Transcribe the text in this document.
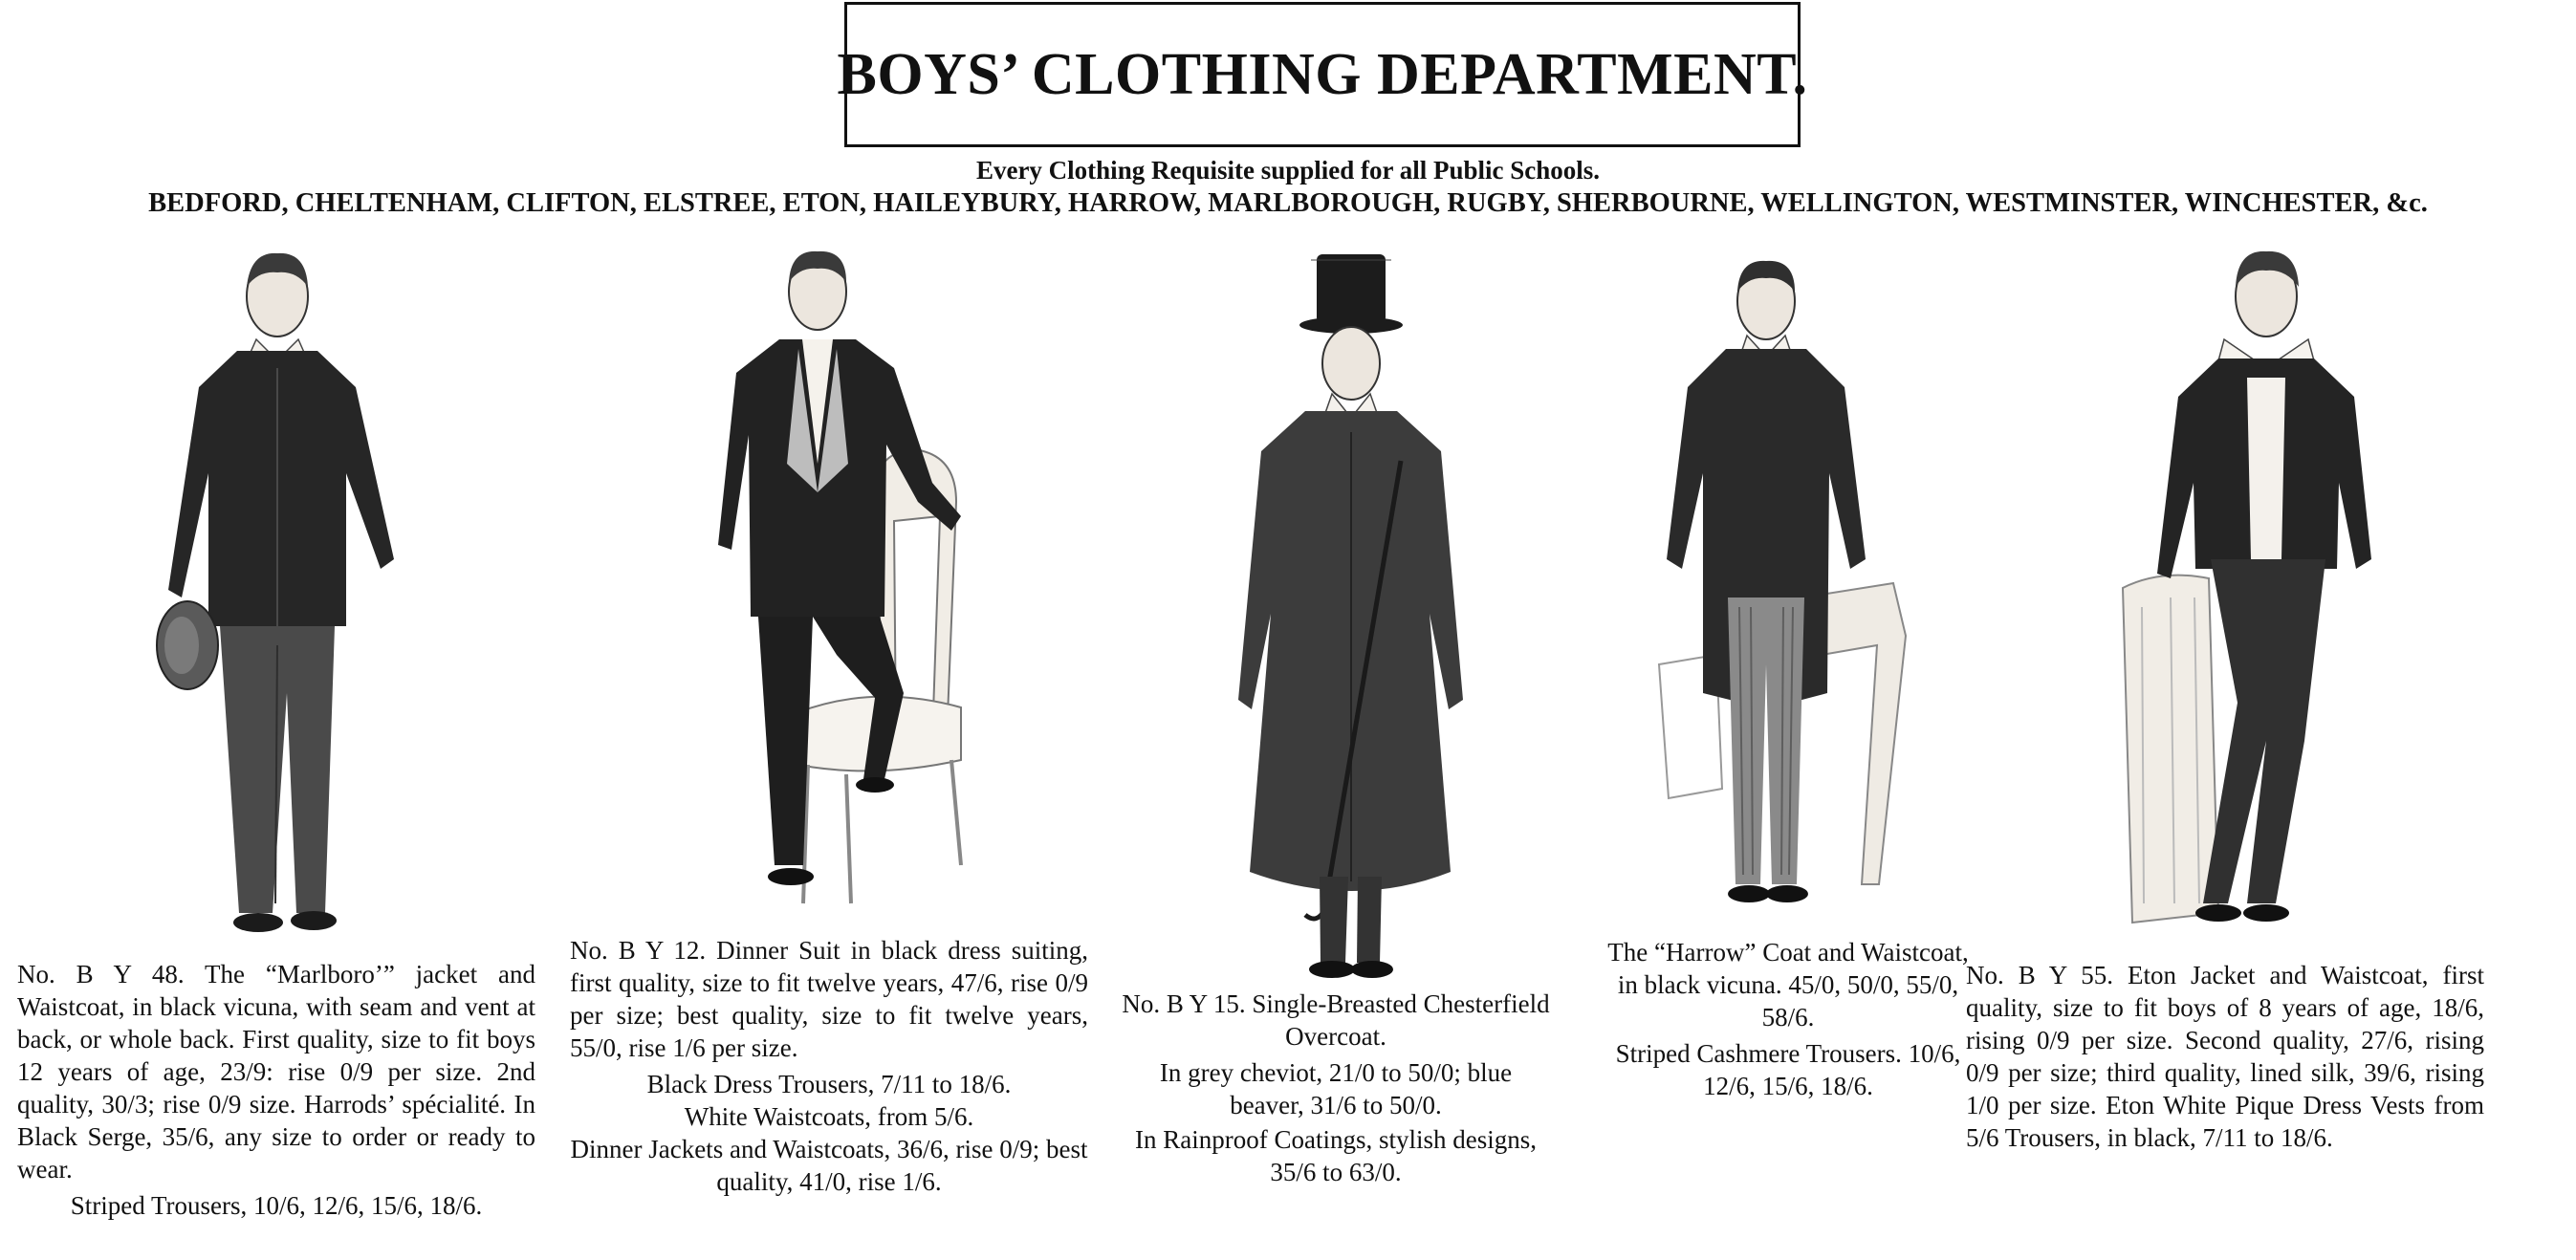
BOYS’ CLOTHING DEPARTMENT.
Every Clothing Requisite supplied for all Public Schools.
BEDFORD, CHELTENHAM, CLIFTON, ELSTREE, ETON, HAILEYBURY, HARROW, MARLBOROUGH, RUGBY, SHERBOURNE, WELLINGTON, WESTMINSTER, WINCHESTER, &c.

No. B Y 48. The “Marlboro’” jacket and Waistcoat, in black vicuna, with seam and vent at back, or whole back. First quality, size to fit boys 12 years of age, 23/9: rise 0/9 per size. 2nd quality, 30/3; rise 0/9 size. Harrods’ spécialité. In Black Serge, 35/6, any size to order or ready to wear.

Striped Trousers, 10/6, 12/6, 15/6, 18/6.

No. B Y 12. Dinner Suit in black dress suiting, first quality, size to fit twelve years, 47/6, rise 0/9 per size; best quality, size to fit twelve years, 55/0, rise 1/6 per size.

Black Dress Trousers, 7/11 to 18/6.

White Waistcoats, from 5/6.

Dinner Jackets and Waistcoats, 36/6, rise 0/9; best quality, 41/0, rise 1/6.

No. B Y 15. Single-Breasted Chesterfield Overcoat.

In grey cheviot, 21/0 to 50/0; blue beaver, 31/6 to 50/0.

In Rainproof Coatings, stylish designs, 35/6 to 63/0.

The “Harrow” Coat and Waistcoat, in black vicuna. 45/0, 50/0, 55/0, 58/6.

Striped Cashmere Trousers. 10/6, 12/6, 15/6, 18/6.

No. B Y 55. Eton Jacket and Waistcoat, first quality, size to fit boys of 8 years of age, 18/6, rising 0/9 per size. Second quality, 27/6, rising 0/9 per size; third quality, lined silk, 39/6, rising 1/0 per size. Eton White Pique Dress Vests from 5/6 Trousers, in black, 7/11 to 18/6.
